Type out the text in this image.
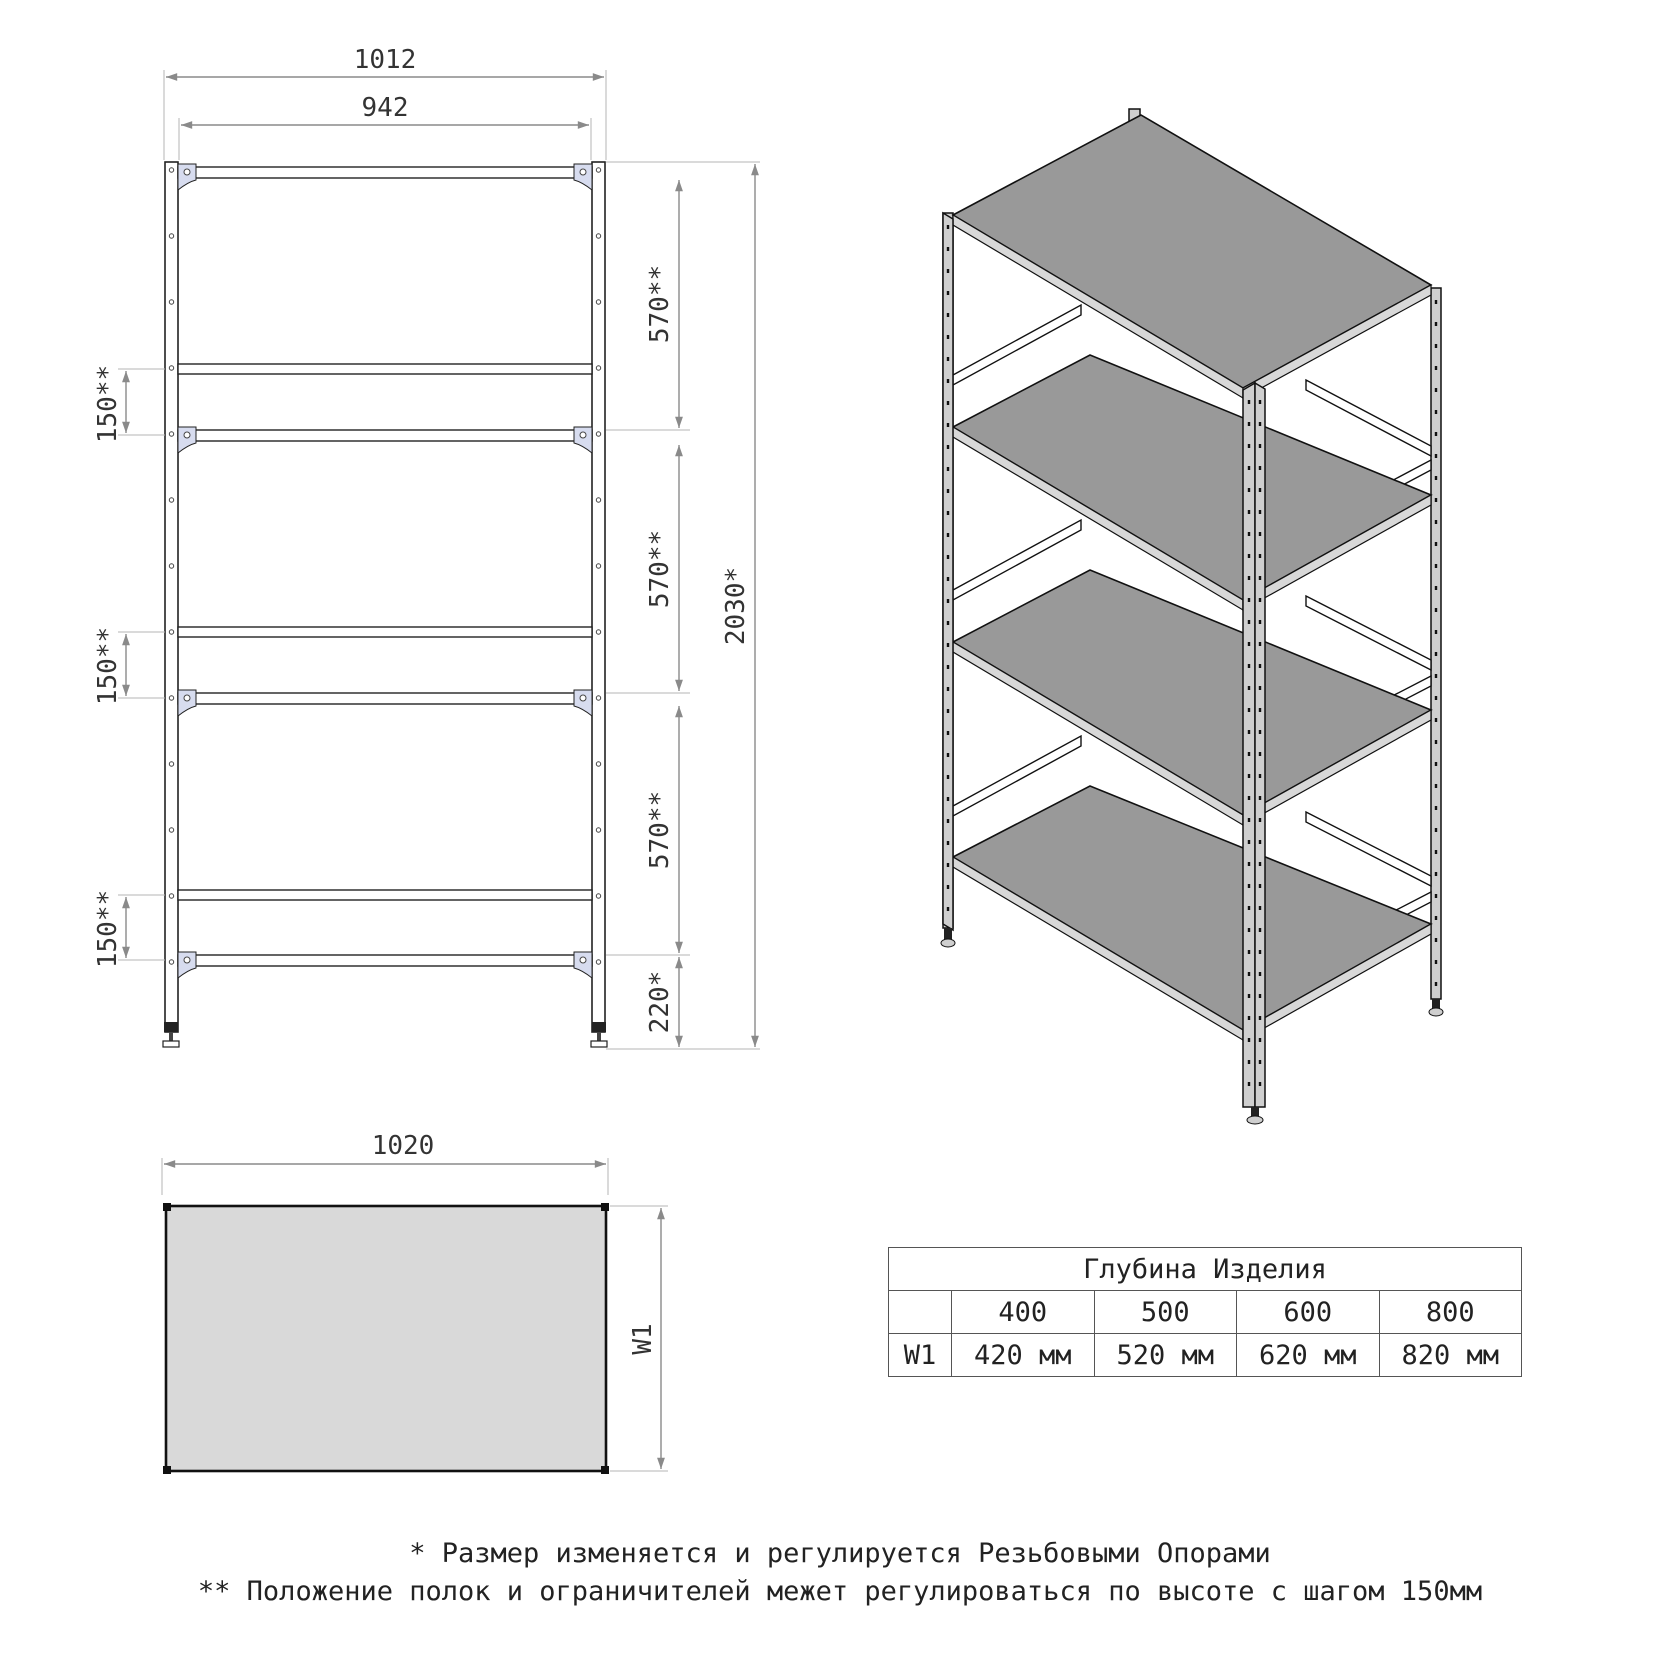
1012
942
570**
570**
570**
220*
2030*
150**
150**
150**
1020
W1
Глубина Изделия				
	400	500	600	800
W1	420 мм	520 мм	620 мм	820 мм
* Размер изменяется и регулируется Резьбовыми Опорами
** Положение полок и ограничителей межет регулироваться по высоте с шагом 150мм
